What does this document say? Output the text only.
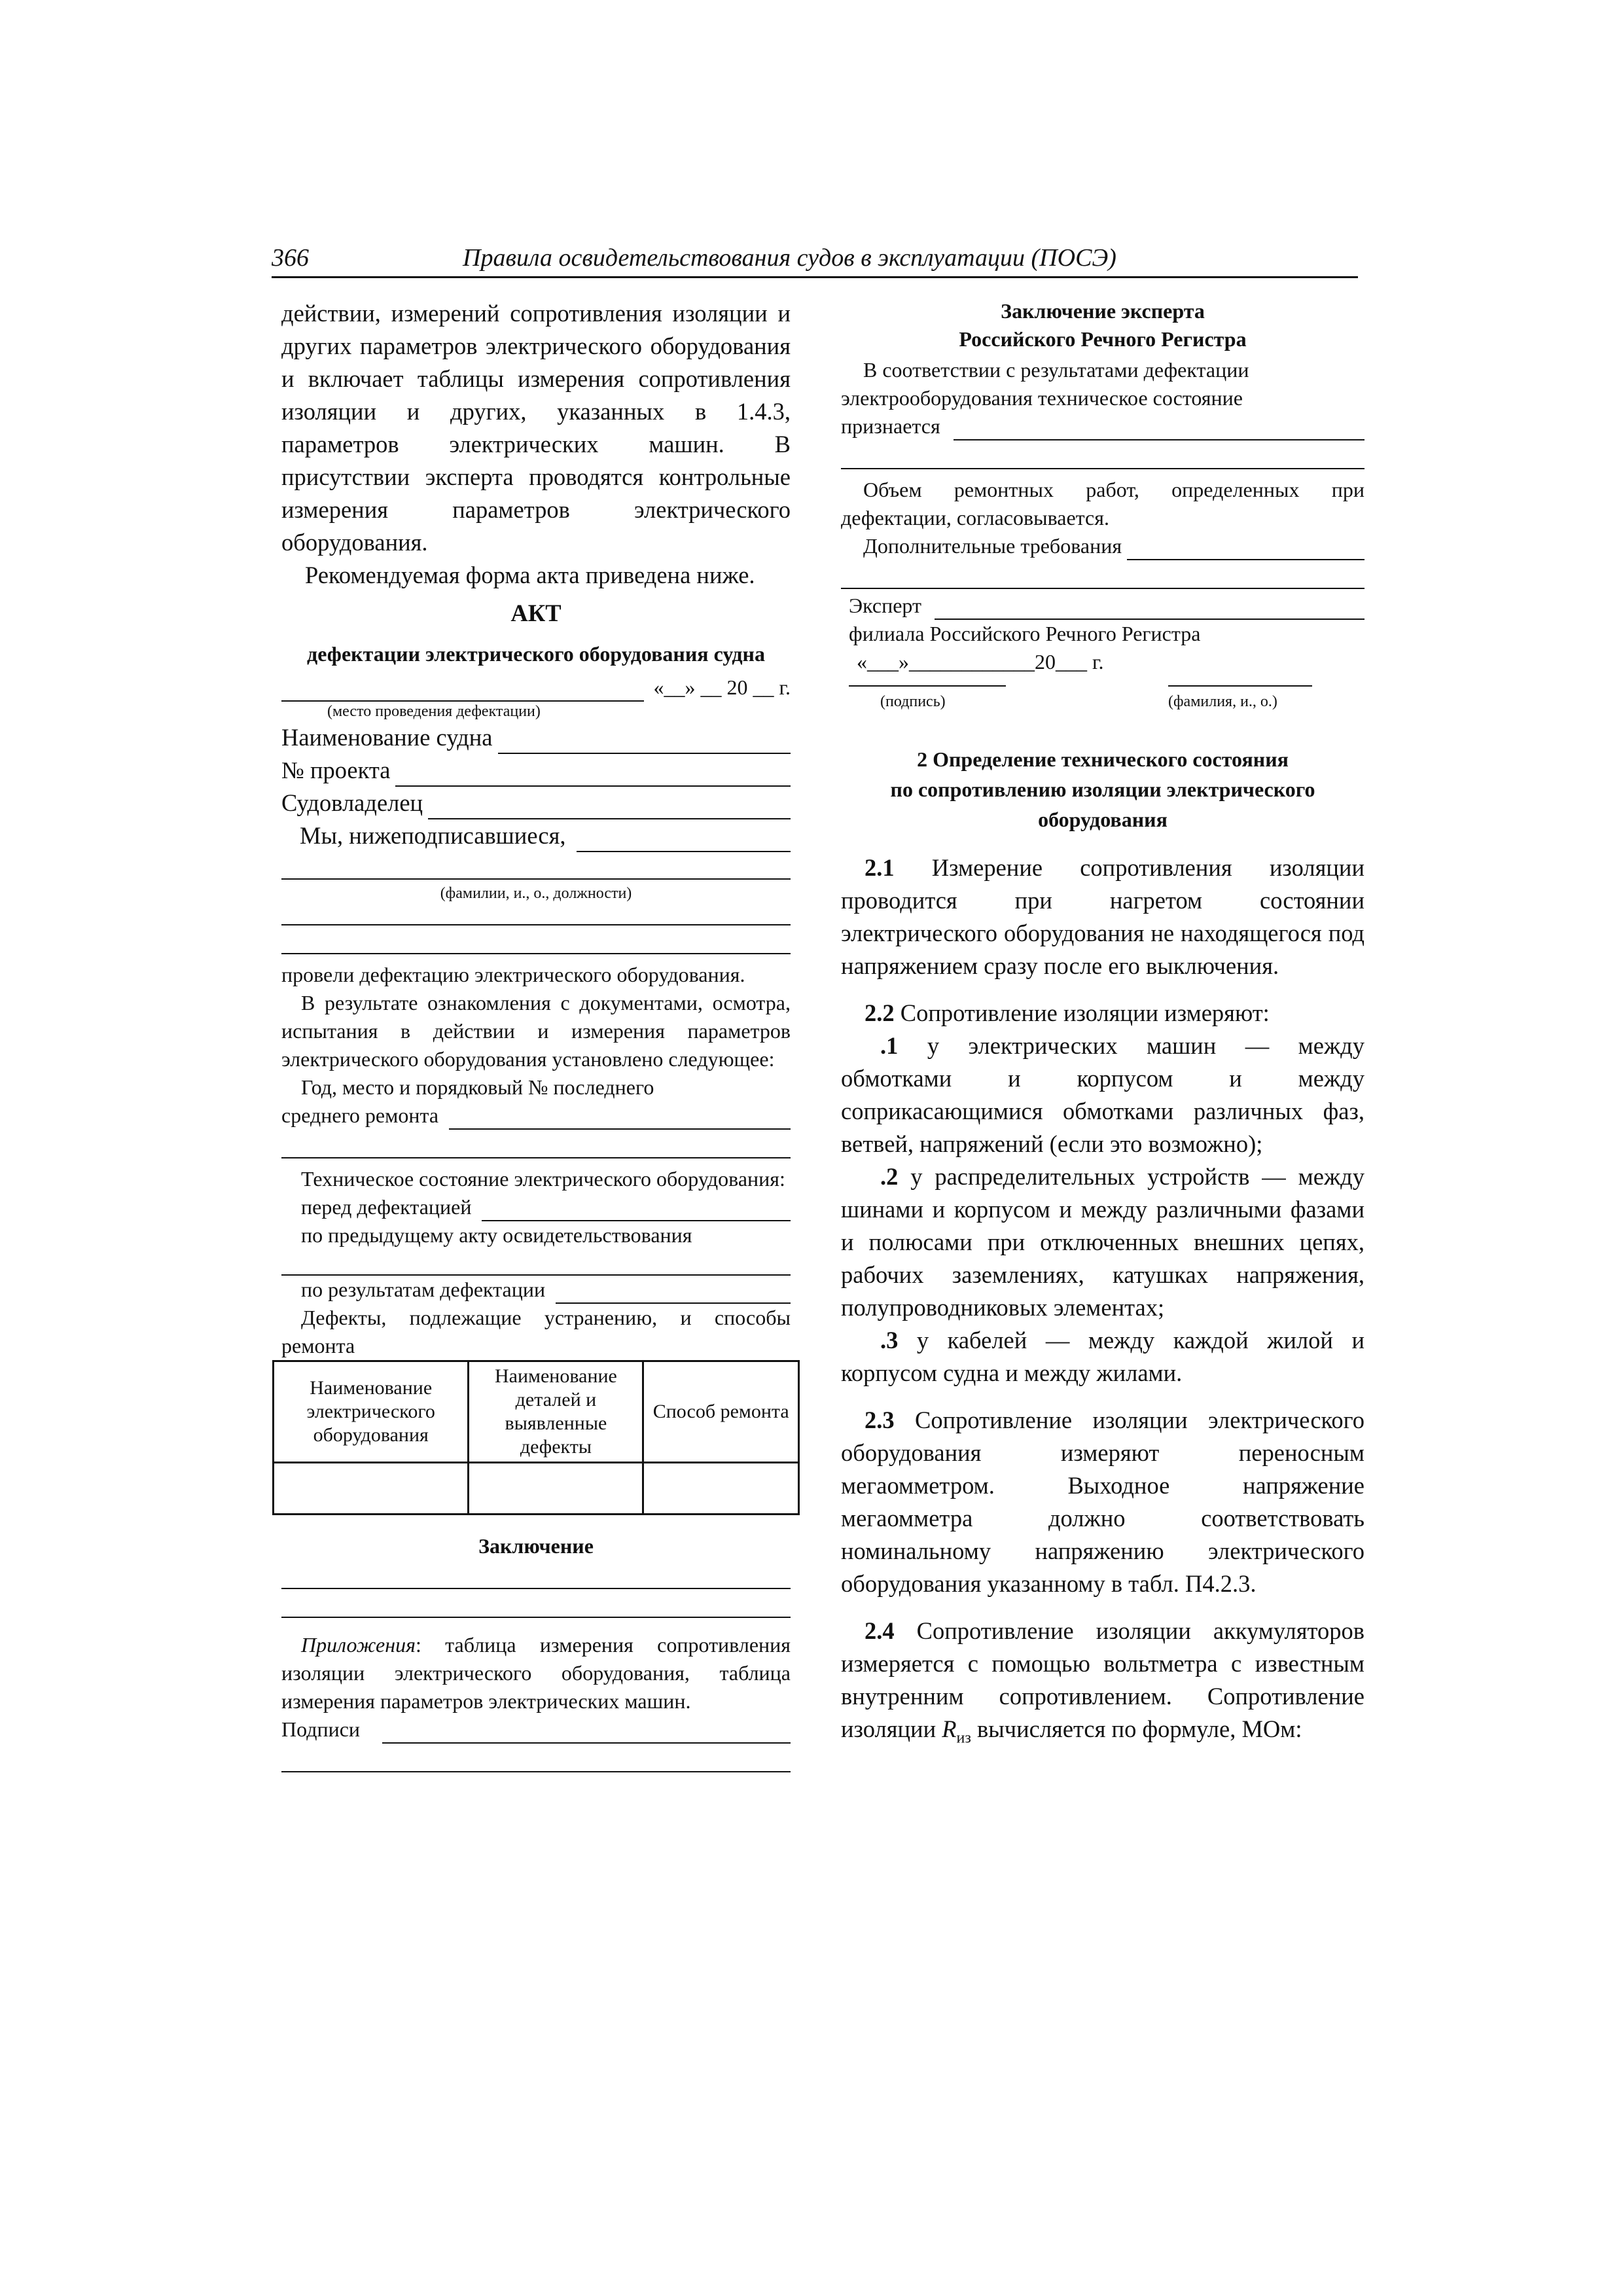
366	Правила освидетельствования судов в эксплуатации (ПОСЭ)

действии, измерений сопротивления изоляции и других параметров электрического оборудования и включает таблицы измерения сопротивления изоляции и других, указанных в 1.4.3, параметров электрических машин. В присутствии эксперта проводятся контрольные измерения параметров электрического оборудования.

Рекомендуемая форма акта приведена ниже.

АКТ

дефектации электрического оборудования судна

«__» __ 20 __ г.

(место проведения дефектации)

Наименование судна
№ проекта
Судовладелец
Мы, нижеподписавшиеся,

(фамилии, и., о., должности)

провели дефектацию электрического оборудования.

В результате ознакомления с документами, осмотра, испытания в действии и измерения параметров электрического оборудования установлено следующее:

Год, место и порядковый № последнего

среднего ремонта

Техническое состояние электрического оборудования:

перед дефектацией

по предыдущему акту освидетельствования

по результатам дефектации

Дефекты, подлежащие устранению, и способы ремонта

Наименование электрического оборудования	Наименование деталей и выявленные дефекты	Способ ремонта

Заключение

Приложения: таблица измерения сопротивления изоляции электрического оборудования, таблица измерения параметров электрических машин.

Подписи

Заключение эксперта

Российского Речного Регистра

В соответствии с результатами дефектации

электрооборудования техническое состояние

признается

Объем ремонтных работ, определенных при дефектации, согласовывается.

Дополнительные требования
Эксперт

филиала Российского Речного Регистра

«___»____________20___ г.

(подпись)	(фамилия, и., о.)

2 Определение технического состояния

по сопротивлению изоляции электрического

оборудования

2.1 Измерение сопротивления изоляции проводится при нагретом состоянии электрического оборудования не находящегося под напряжением сразу после его выключения.

2.2 Сопротивление изоляции измеряют:

.1 у электрических машин — между обмотками и корпусом и между соприкасающимися обмотками различных фаз, ветвей, напряжений (если это возможно);

.2 у распределительных устройств — между шинами и корпусом и между различными фазами и полюсами при отключенных внешних цепях, рабочих заземлениях, катушках напряжения, полупроводниковых элементах;

.3 у кабелей — между каждой жилой и корпусом судна и между жилами.

2.3 Сопротивление изоляции электрического оборудования измеряют переносным мегаомметром. Выходное напряжение мегаомметра должно соответствовать номинальному напряжению электрического оборудования указанному в табл. П4.2.3.

2.4 Сопротивление изоляции аккумуляторов измеряется с помощью вольтметра с известным внутренним сопротивлением. Сопротивление изоляции $R_{из}$ вычисляется по формуле, МОм:
